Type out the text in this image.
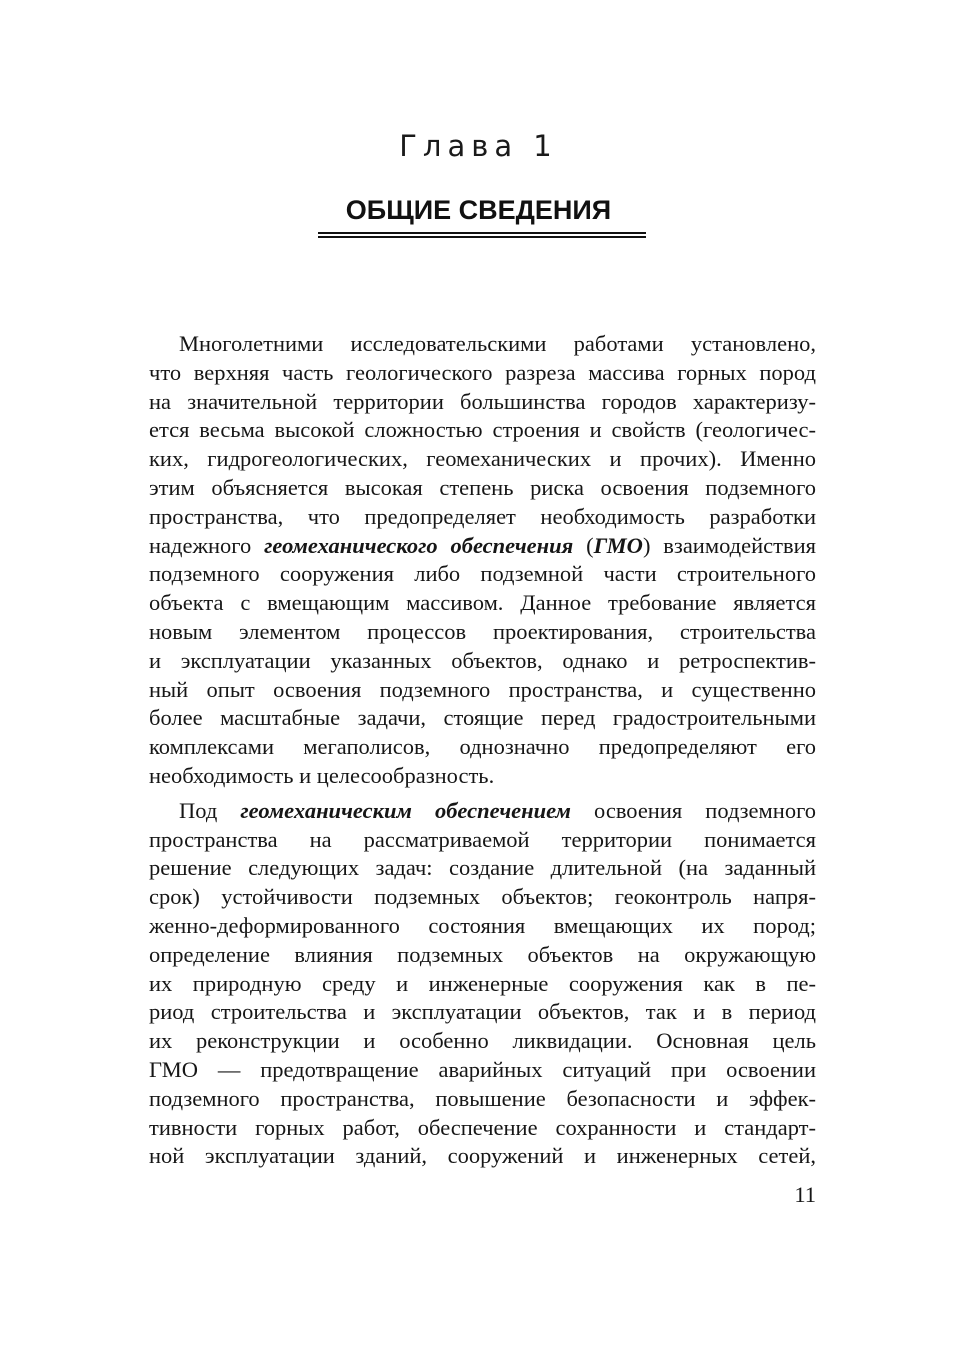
Глава 1
ОБЩИЕ СВЕДЕНИЯ
Многолетними исследовательскими работами установлено,
что верхняя часть геологического разреза массива горных пород
на значительной территории большинства городов характеризу-
ется весьма высокой сложностью строения и свойств (геологичес-
ких, гидрогеологических, геомеханических и прочих). Именно
этим объясняется высокая степень риска освоения подземного
пространства, что предопределяет необходимость разработки
надежного геомеханического обеспечения (ГМО) взаимодействия
подземного сооружения либо подземной части строительного
объекта с вмещающим массивом. Данное требование является
новым элементом процессов проектирования, строительства
и эксплуатации указанных объектов, однако и ретроспектив-
ный опыт освоения подземного пространства, и существенно
более масштабные задачи, стоящие перед градостроительными
комплексами мегаполисов, однозначно предопределяют его
необходимость и целесообразность.
Под геомеханическим обеспечением освоения подземного
пространства на рассматриваемой территории понимается
решение следующих задач: создание длительной (на заданный
срок) устойчивости подземных объектов; геоконтроль напря-
женно-деформированного состояния вмещающих их пород;
определение влияния подземных объектов на окружающую
их природную среду и инженерные сооружения как в пе-
риод строительства и эксплуатации объектов, так и в период
их реконструкции и особенно ликвидации. Основная цель
ГМО — предотвращение аварийных ситуаций при освоении
подземного пространства, повышение безопасности и эффек-
тивности горных работ, обеспечение сохранности и стандарт-
ной эксплуатации зданий, сооружений и инженерных сетей,
11
